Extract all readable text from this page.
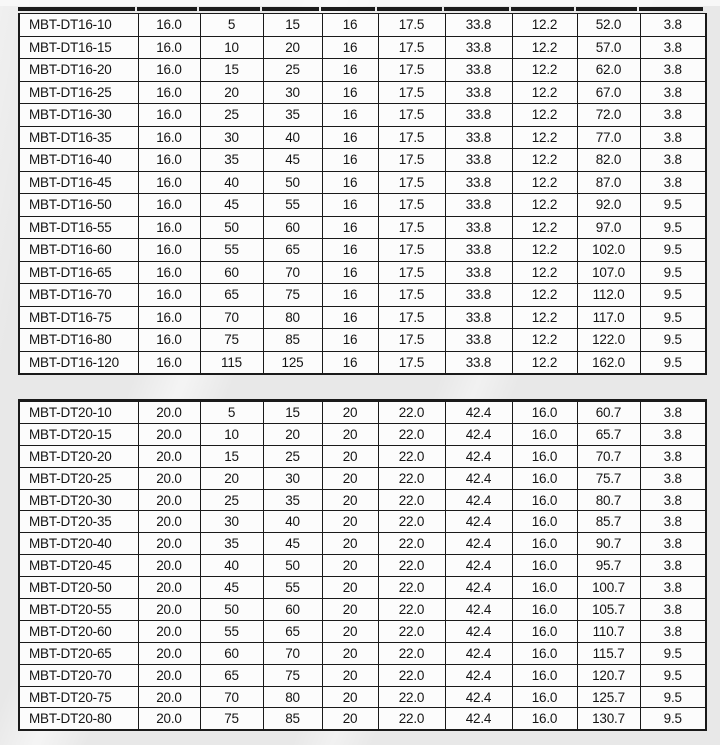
MBT-DT16-10	16.0	5	15	16	17.5	33.8	12.2	52.0	3.8
MBT-DT16-15	16.0	10	20	16	17.5	33.8	12.2	57.0	3.8
MBT-DT16-20	16.0	15	25	16	17.5	33.8	12.2	62.0	3.8
MBT-DT16-25	16.0	20	30	16	17.5	33.8	12.2	67.0	3.8
MBT-DT16-30	16.0	25	35	16	17.5	33.8	12.2	72.0	3.8
MBT-DT16-35	16.0	30	40	16	17.5	33.8	12.2	77.0	3.8
MBT-DT16-40	16.0	35	45	16	17.5	33.8	12.2	82.0	3.8
MBT-DT16-45	16.0	40	50	16	17.5	33.8	12.2	87.0	3.8
MBT-DT16-50	16.0	45	55	16	17.5	33.8	12.2	92.0	9.5
MBT-DT16-55	16.0	50	60	16	17.5	33.8	12.2	97.0	9.5
MBT-DT16-60	16.0	55	65	16	17.5	33.8	12.2	102.0	9.5
MBT-DT16-65	16.0	60	70	16	17.5	33.8	12.2	107.0	9.5
MBT-DT16-70	16.0	65	75	16	17.5	33.8	12.2	112.0	9.5
MBT-DT16-75	16.0	70	80	16	17.5	33.8	12.2	117.0	9.5
MBT-DT16-80	16.0	75	85	16	17.5	33.8	12.2	122.0	9.5
MBT-DT16-120	16.0	115	125	16	17.5	33.8	12.2	162.0	9.5
MBT-DT20-10	20.0	5	15	20	22.0	42.4	16.0	60.7	3.8
MBT-DT20-15	20.0	10	20	20	22.0	42.4	16.0	65.7	3.8
MBT-DT20-20	20.0	15	25	20	22.0	42.4	16.0	70.7	3.8
MBT-DT20-25	20.0	20	30	20	22.0	42.4	16.0	75.7	3.8
MBT-DT20-30	20.0	25	35	20	22.0	42.4	16.0	80.7	3.8
MBT-DT20-35	20.0	30	40	20	22.0	42.4	16.0	85.7	3.8
MBT-DT20-40	20.0	35	45	20	22.0	42.4	16.0	90.7	3.8
MBT-DT20-45	20.0	40	50	20	22.0	42.4	16.0	95.7	3.8
MBT-DT20-50	20.0	45	55	20	22.0	42.4	16.0	100.7	3.8
MBT-DT20-55	20.0	50	60	20	22.0	42.4	16.0	105.7	3.8
MBT-DT20-60	20.0	55	65	20	22.0	42.4	16.0	110.7	3.8
MBT-DT20-65	20.0	60	70	20	22.0	42.4	16.0	115.7	9.5
MBT-DT20-70	20.0	65	75	20	22.0	42.4	16.0	120.7	9.5
MBT-DT20-75	20.0	70	80	20	22.0	42.4	16.0	125.7	9.5
MBT-DT20-80	20.0	75	85	20	22.0	42.4	16.0	130.7	9.5
